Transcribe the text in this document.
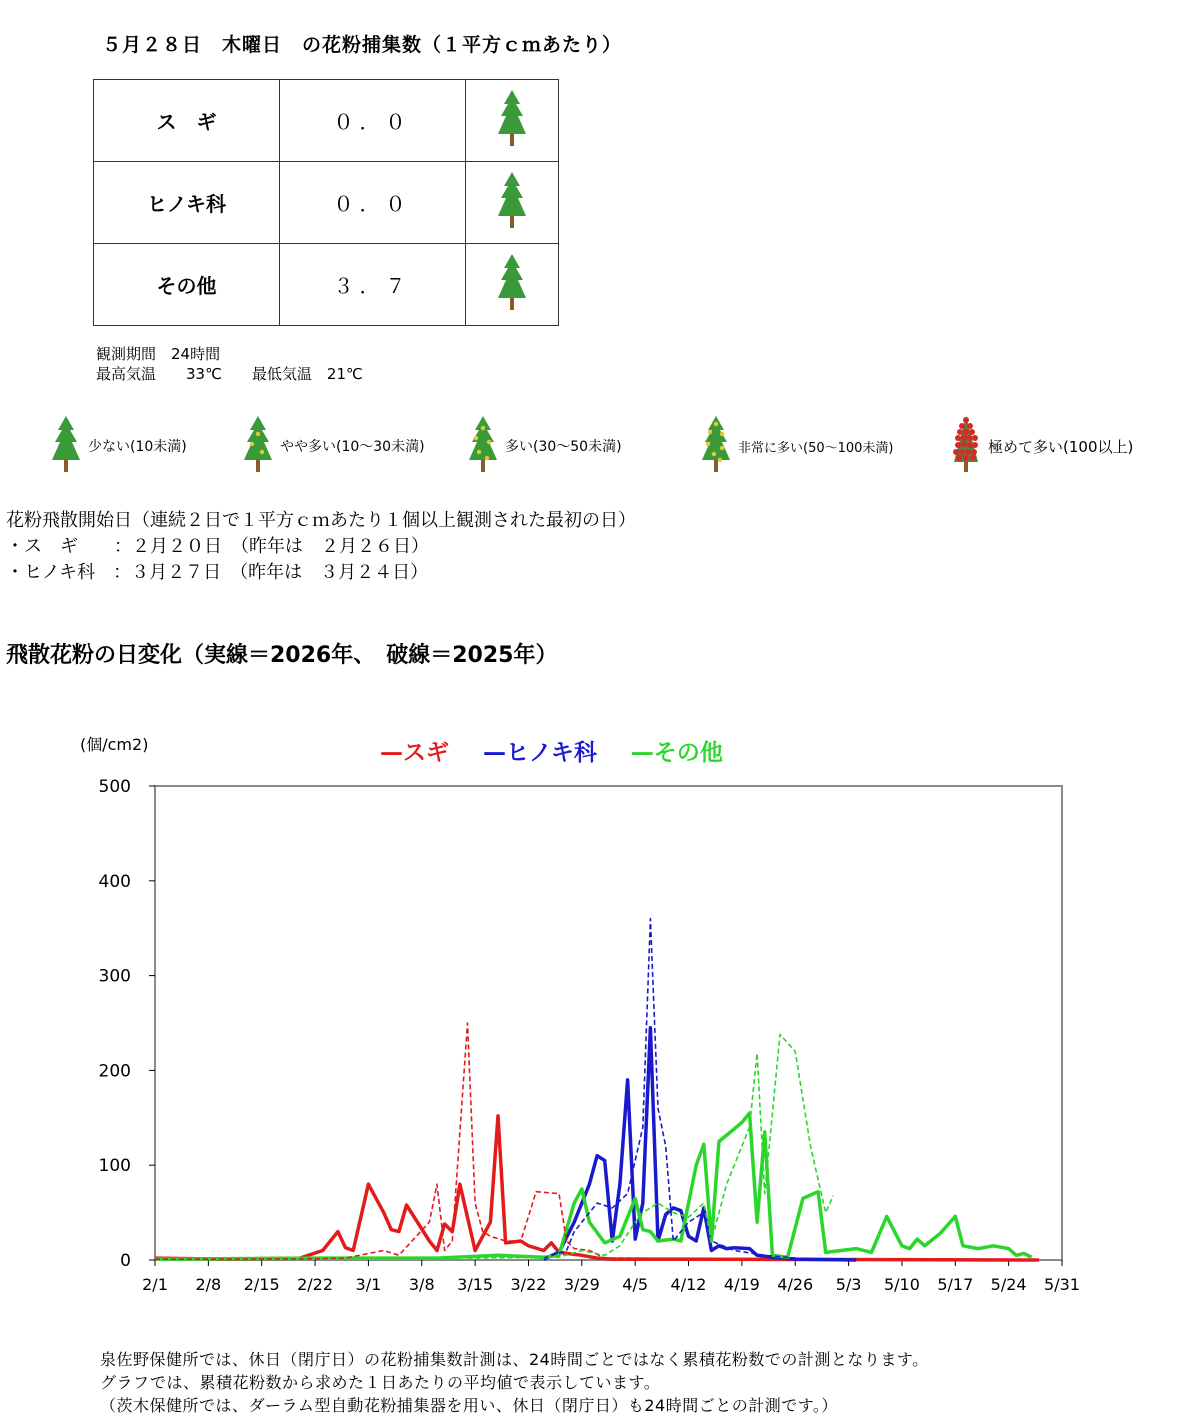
５月２８日　木曜日　の花粉捕集数（１平方ｃｍあたり）
ス　ギ	０．０	
ヒノキ科	０．０	
その他	３．７	
観測期間　24時間
最高気温　　33℃　　最低気温　21℃
少ない(10未満)	やや多い(10～30未満)	多い(30～50未満)	非常に多い(50～100未満)	極めて多い(100以上)
花粉飛散開始日（連続２日で１平方ｃｍあたり１個以上観測された最初の日）
・ス　ギ　　：２月２０日　（昨年は　２月２６日）
・ヒノキ科　：３月２７日　（昨年は　３月２４日）
飛散花粉の日変化（実線＝2026年、　破線＝2025年）
(個/cm2)	—スギ —ヒノキ科 —その他
0
100
200
300
400
500
2/1 2/8 2/15 2/22 3/1 3/8 3/15 3/22 3/29 4/5 4/12 4/19 4/26 5/3 5/10 5/17 5/24 5/31
泉佐野保健所では、休日（閉庁日）の花粉捕集数計測は、24時間ごとではなく累積花粉数での計測となります。
グラフでは、累積花粉数から求めた１日あたりの平均値で表示しています。
（茨木保健所では、ダーラム型自動花粉捕集器を用い、休日（閉庁日）も24時間ごとの計測です。）
